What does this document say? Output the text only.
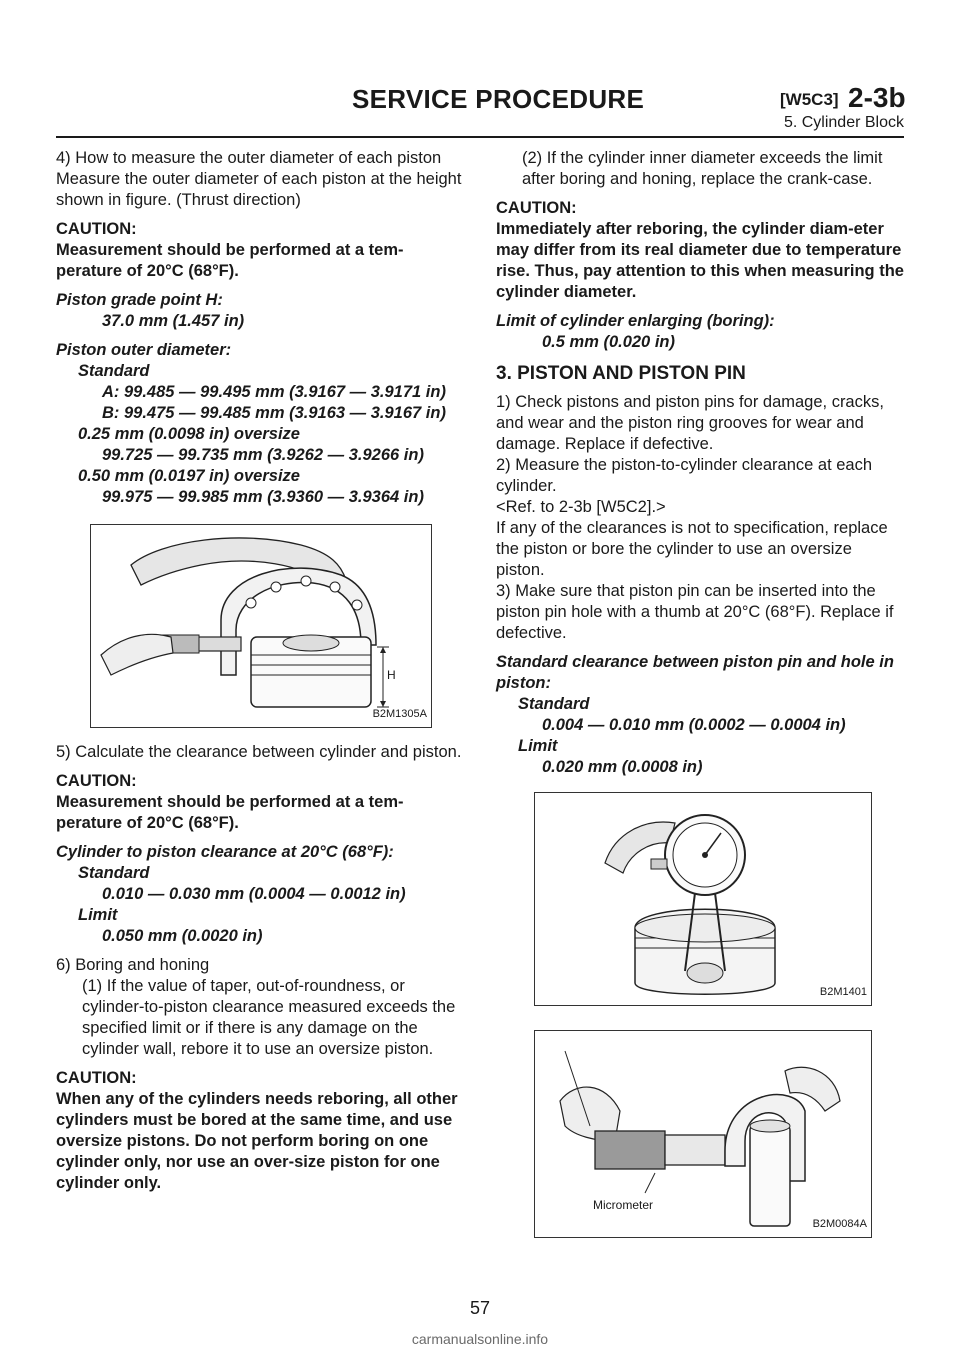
SERVICE PROCEDURE	[W5C3] 2-3b
5. Cylinder Block

4) How to measure the outer diameter of each piston

Measure the outer diameter of each piston at the height shown in figure. (Thrust direction)

CAUTION:

Measurement should be performed at a tem-perature of 20°C (68°F).

Piston grade point H:

37.0 mm (1.457 in)

Piston outer diameter:

Standard

A: 99.485 — 99.495 mm (3.9167 — 3.9171 in)

B: 99.475 — 99.485 mm (3.9163 — 3.9167 in)

0.25 mm (0.0098 in) oversize

99.725 — 99.735 mm (3.9262 — 3.9266 in)

0.50 mm (0.0197 in) oversize

99.975 — 99.985 mm (3.9360 — 3.9364 in)

H
B2M1305A

5) Calculate the clearance between cylinder and piston.

CAUTION:

Measurement should be performed at a tem-perature of 20°C (68°F).

Cylinder to piston clearance at 20°C (68°F):

Standard

0.010 — 0.030 mm (0.0004 — 0.0012 in)

Limit

0.050 mm (0.0020 in)

6) Boring and honing

(1) If the value of taper, out-of-roundness, or cylinder-to-piston clearance measured exceeds the specified limit or if there is any damage on the cylinder wall, rebore it to use an oversize piston.

CAUTION:

When any of the cylinders needs reboring, all other cylinders must be bored at the same time, and use oversize pistons. Do not perform boring on one cylinder only, nor use an over-size piston for one cylinder only.

(2) If the cylinder inner diameter exceeds the limit after boring and honing, replace the crank-case.

CAUTION:

Immediately after reboring, the cylinder diam-eter may differ from its real diameter due to temperature rise. Thus, pay attention to this when measuring the cylinder diameter.

Limit of cylinder enlarging (boring):

0.5 mm (0.020 in)

3. PISTON AND PISTON PIN

1) Check pistons and piston pins for damage, cracks, and wear and the piston ring grooves for wear and damage. Replace if defective.

2) Measure the piston-to-cylinder clearance at each cylinder.

<Ref. to 2-3b [W5C2].>

If any of the clearances is not to specification, replace the piston or bore the cylinder to use an oversize piston.

3) Make sure that piston pin can be inserted into the piston pin hole with a thumb at 20°C (68°F). Replace if defective.

Standard clearance between piston pin and hole in piston:

Standard

0.004 — 0.010 mm (0.0002 — 0.0004 in)

Limit

0.020 mm (0.0008 in)

B2M1401
Micrometer
B2M0084A
57
carmanualsonline.info
